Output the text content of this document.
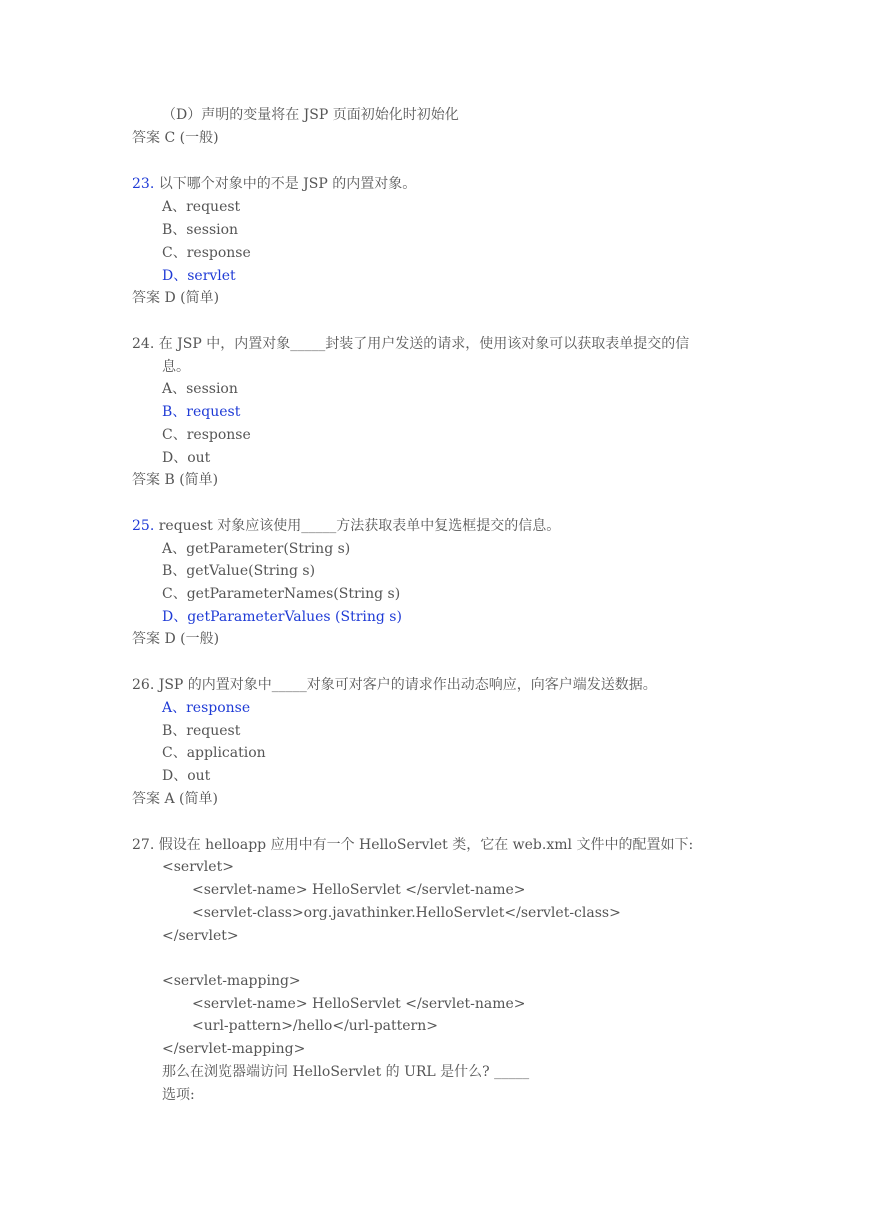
（D）声明的变量将在 JSP 页面初始化时初始化
答案 C (一般)
23. 以下哪个对象中的不是 JSP 的内置对象。
A、request
B、session
C、response
D、servlet
答案 D (简单)
24. 在 JSP 中，内置对象_____封装了用户发送的请求，使用该对象可以获取表单提交的信
息。
A、session
B、request
C、response
D、out
答案 B (简单)
25. request 对象应该使用_____方法获取表单中复选框提交的信息。
A、getParameter(String s)
B、getValue(String s)
C、getParameterNames(String s)
D、getParameterValues (String s)
答案 D (一般)
26. JSP 的内置对象中_____对象可对客户的请求作出动态响应，向客户端发送数据。
A、response
B、request
C、application
D、out
答案 A (简单)
27. 假设在 helloapp 应用中有一个 HelloServlet 类，它在 web.xml 文件中的配置如下:
<servlet>
<servlet-name> HelloServlet </servlet-name>
<servlet-class>org.javathinker.HelloServlet</servlet-class>
</servlet>
<servlet-mapping>
<servlet-name> HelloServlet </servlet-name>
<url-pattern>/hello</url-pattern>
</servlet-mapping>
那么在浏览器端访问 HelloServlet 的 URL 是什么? _____
选项:
